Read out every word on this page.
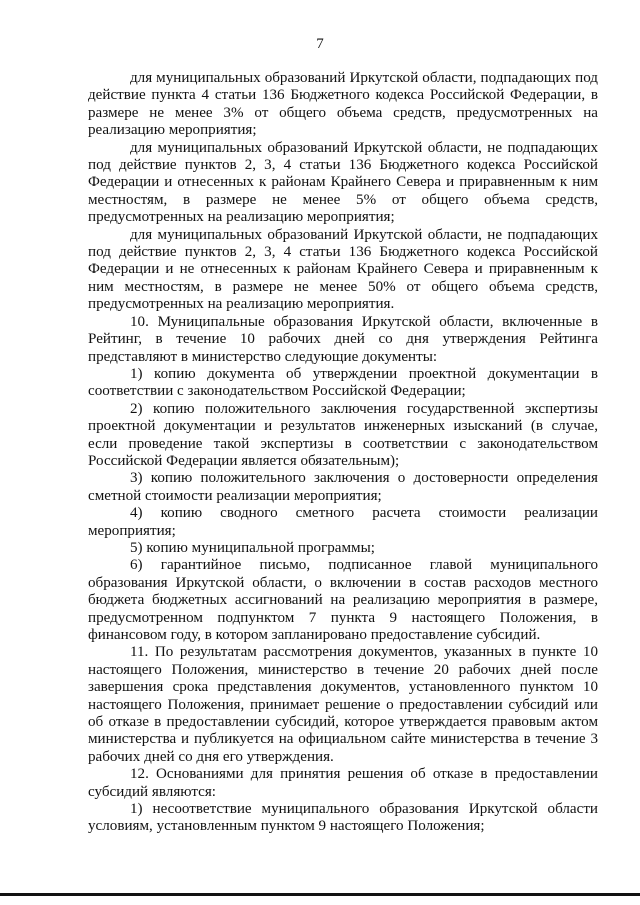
7

для муниципальных образований Иркутской области, подпадающих под действие пункта 4 статьи 136 Бюджетного кодекса Российской Федерации, в размере не менее 3% от общего объема средств, предусмотренных на реализацию мероприятия;

для муниципальных образований Иркутской области, не подпадающих под действие пунктов 2, 3, 4 статьи 136 Бюджетного кодекса Российской Федерации и отнесенных к районам Крайнего Севера и приравненным к ним местностям, в размере не менее 5% от общего объема средств, предусмотренных на реализацию мероприятия;

для муниципальных образований Иркутской области, не подпадающих под действие пунктов 2, 3, 4 статьи 136 Бюджетного кодекса Российской Федерации и не отнесенных к районам Крайнего Севера и приравненным к ним местностям, в размере не менее 50% от общего объема средств, предусмотренных на реализацию мероприятия.

10. Муниципальные образования Иркутской области, включенные в Рейтинг, в течение 10 рабочих дней со дня утверждения Рейтинга представляют в министерство следующие документы:

1) копию документа об утверждении проектной документации в соответствии с законодательством Российской Федерации;

2) копию положительного заключения государственной экспертизы проектной документации и результатов инженерных изысканий (в случае, если проведение такой экспертизы в соответствии с законодательством Российской Федерации является обязательным);

3) копию положительного заключения о достоверности определения сметной стоимости реализации мероприятия;

4) копию сводного сметного расчета стоимости реализации мероприятия;

5) копию муниципальной программы;

6) гарантийное письмо, подписанное главой муниципального образования Иркутской области, о включении в состав расходов местного бюджета бюджетных ассигнований на реализацию мероприятия в размере, предусмотренном подпунктом 7 пункта 9 настоящего Положения, в финансовом году, в котором запланировано предоставление субсидий.

11. По результатам рассмотрения документов, указанных в пункте 10 настоящего Положения, министерство в течение 20 рабочих дней после завершения срока представления документов, установленного пунктом 10 настоящего Положения, принимает решение о предоставлении субсидий или об отказе в предоставлении субсидий, которое утверждается правовым актом министерства и публикуется на официальном сайте министерства в течение 3 рабочих дней со дня его утверждения.

12. Основаниями для принятия решения об отказе в предоставлении субсидий являются:

1) несоответствие муниципального образования Иркутской области условиям, установленным пунктом 9 настоящего Положения;
